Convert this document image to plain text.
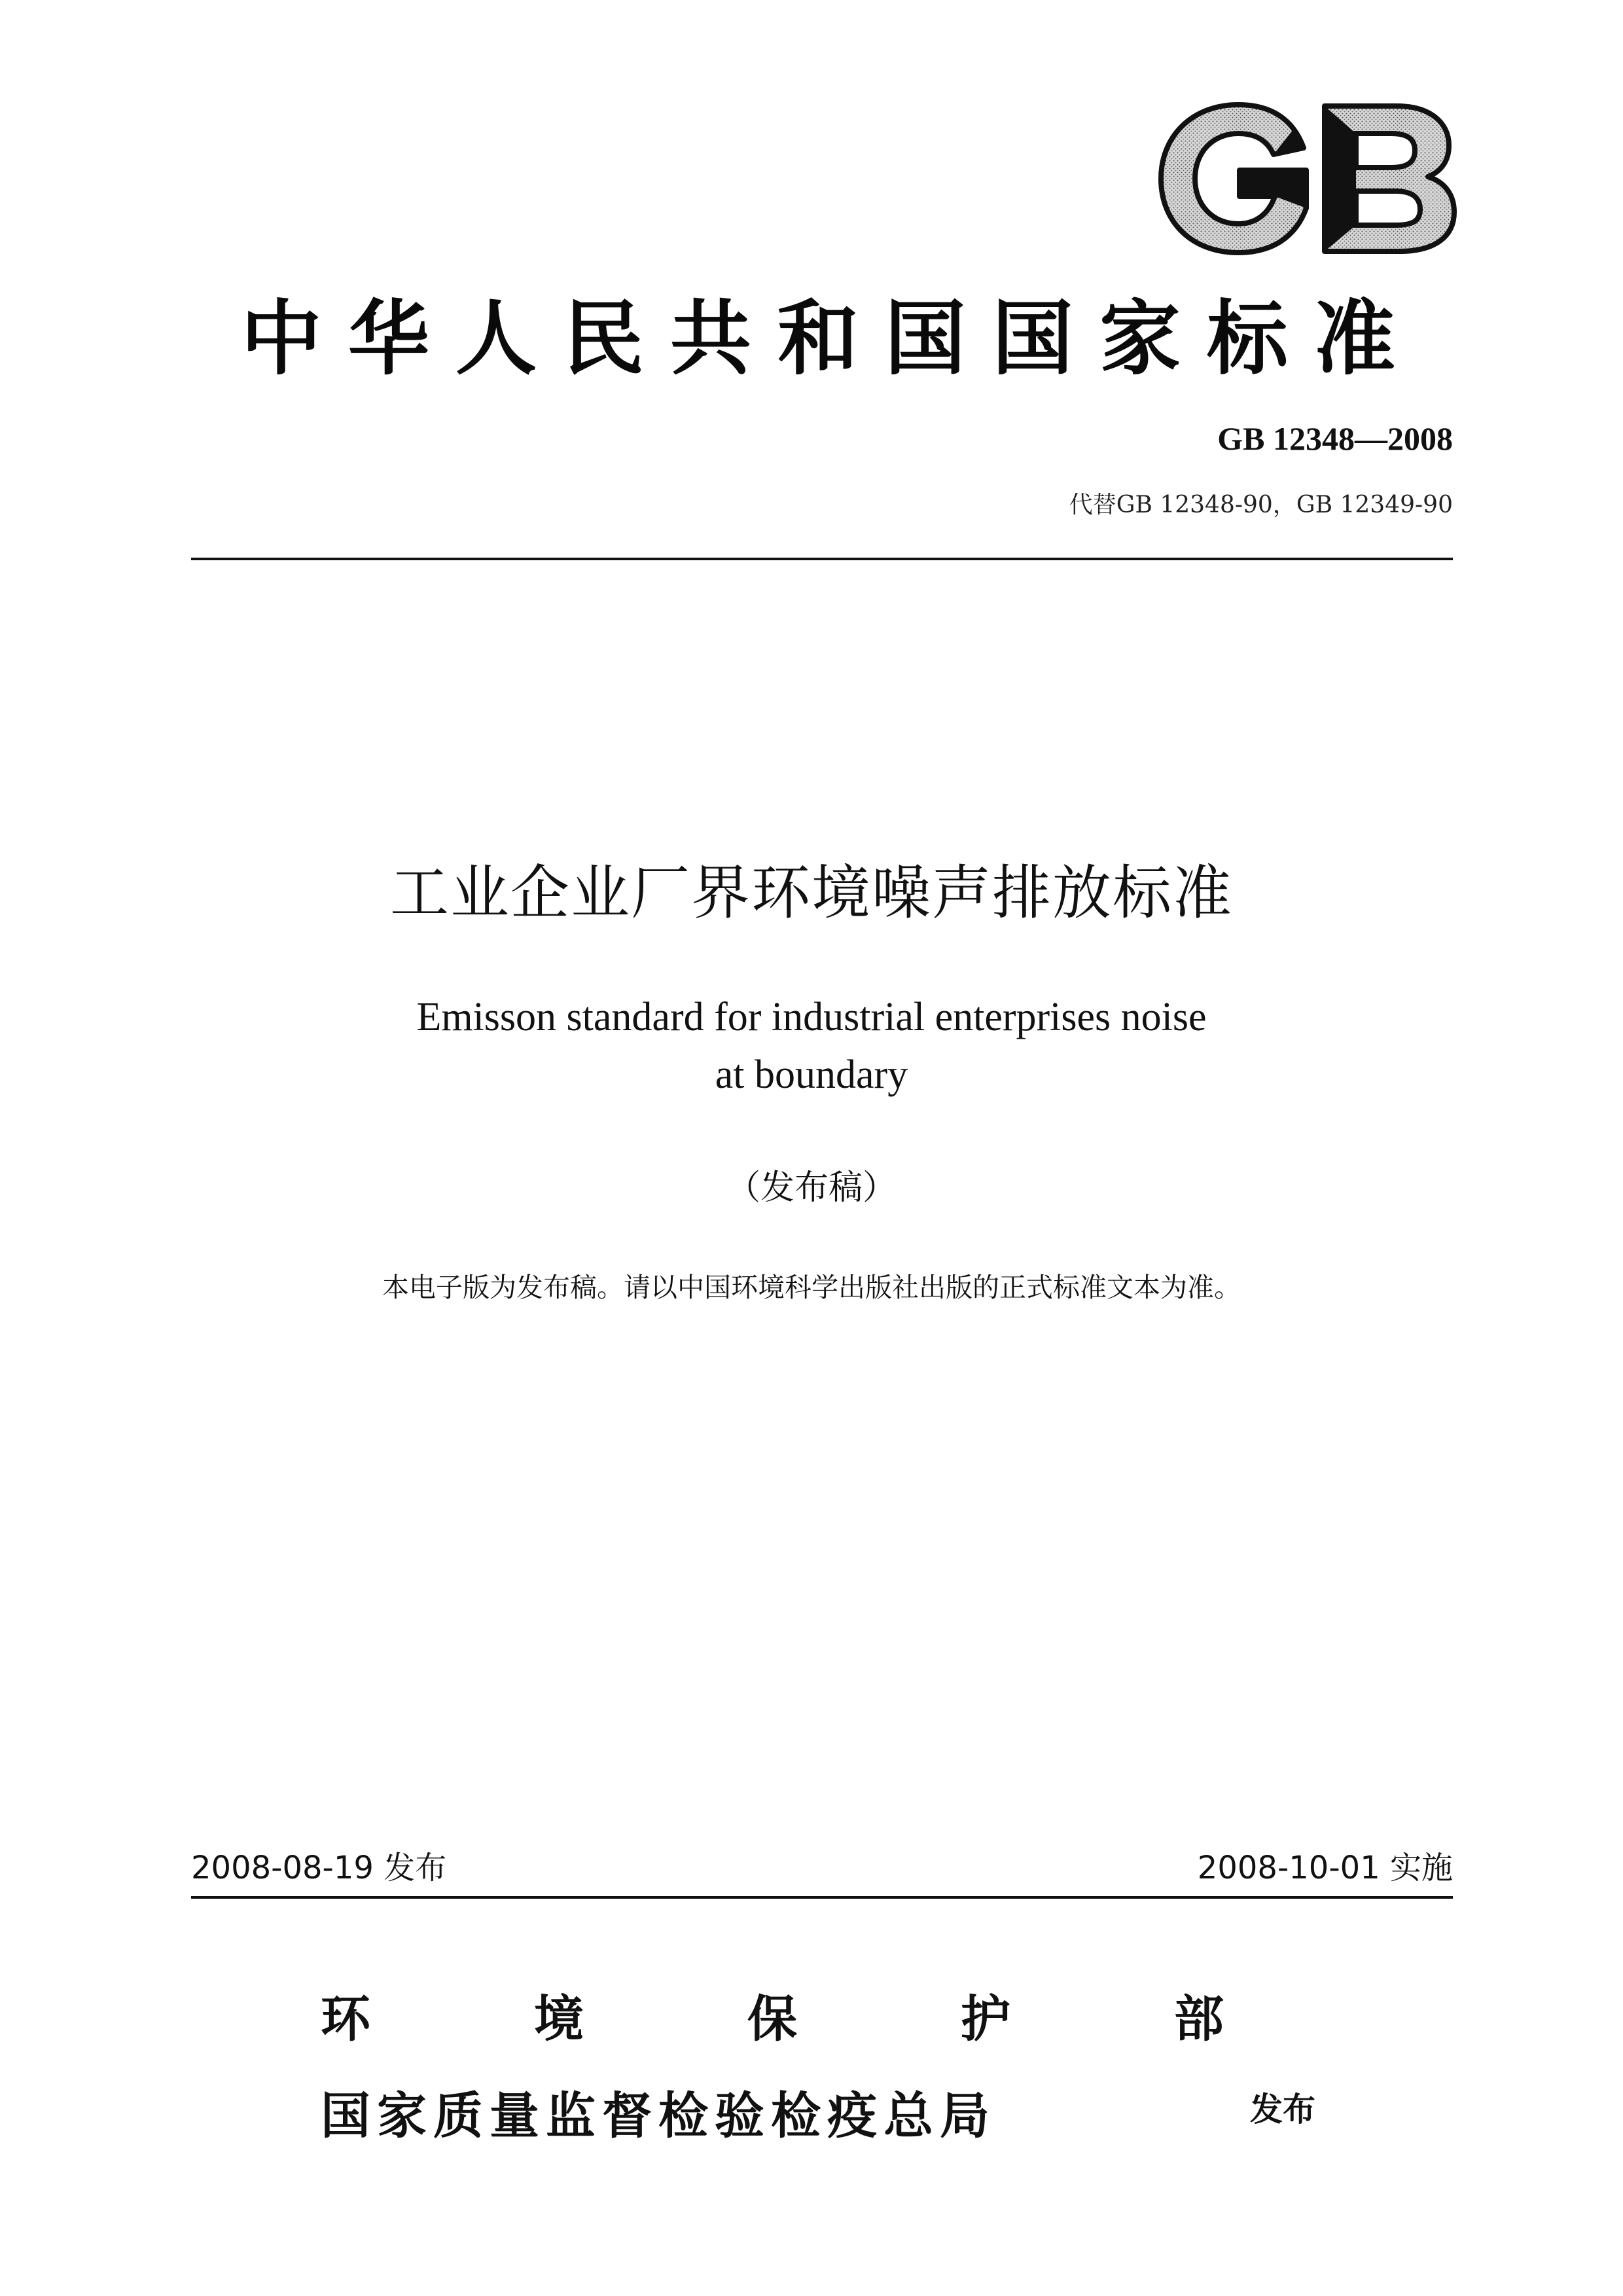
中华人民共和国国家标准
GB 12348—2008
代替GB 12348-90，GB 12349-90
工业企业厂界环境噪声排放标准
Emisson standard for industrial enterprises noise
at boundary
（发布稿）
本电子版为发布稿。请以中国环境科学出版社出版的正式标准文本为准。
2008-08-19 发布	2008-10-01 实施
环	境	保	护	部
国家质量监督检验检疫总局	发布
